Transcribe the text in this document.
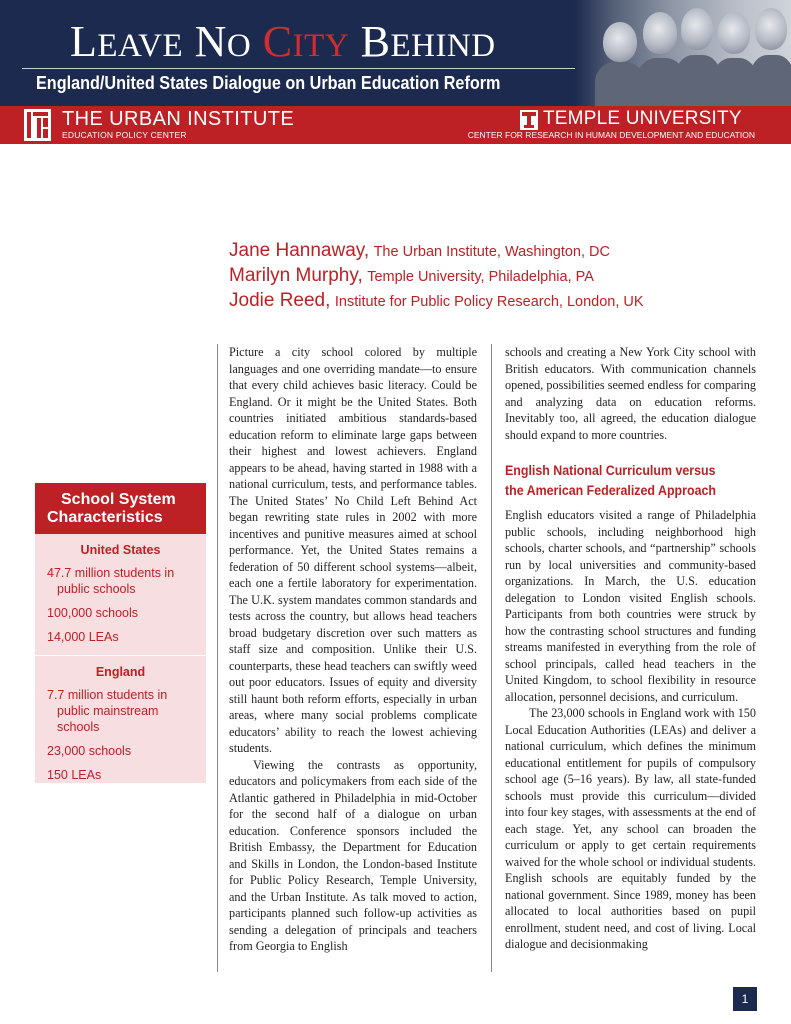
LEAVE NO CITY BEHIND
England/United States Dialogue on Urban Education Reform
THE URBAN INSTITUTE
EDUCATION POLICY CENTER
TEMPLE UNIVERSITY
CENTER FOR RESEARCH IN HUMAN DEVELOPMENT AND EDUCATION
Jane Hannaway, The Urban Institute, Washington, DC
Marilyn Murphy, Temple University, Philadelphia, PA
Jodie Reed, Institute for Public Policy Research, London, UK
School System
Characteristics
United States
47.7 million students in
public schools
100,000 schools
14,000 LEAs
England
7.7 million students in
public mainstream
schools
23,000 schools
150 LEAs

Picture a city school colored by multiple languages and one overriding mandate—to ensure that every child achieves basic literacy. Could be England. Or it might be the United States. Both countries initiated ambitious standards-based education reform to eliminate large gaps between their highest and lowest achievers. England appears to be ahead, having started in 1988 with a national curriculum, tests, and performance tables. The United States’ No Child Left Behind Act began rewriting state rules in 2002 with more incentives and punitive measures aimed at school performance. Yet, the United States remains a federation of 50 different school systems—albeit, each one a fertile laboratory for experimentation. The U.K. system mandates common standards and tests across the country, but allows head teachers broad budgetary discretion over such matters as staff size and composition. Unlike their U.S. counterparts, these head teachers can swiftly weed out poor educators. Issues of equity and diversity still haunt both reform efforts, especially in urban areas, where many social problems complicate educators’ ability to reach the lowest achieving students.

Viewing the contrasts as opportunity, educators and policymakers from each side of the Atlantic gathered in Philadelphia in mid-October for the second half of a dialogue on urban education. Conference sponsors included the British Embassy, the Department for Education and Skills in London, the London-based Institute for Public Policy Research, Temple University, and the Urban Institute. As talk moved to action, participants planned such follow-up activities as sending a delegation of principals and teachers from Georgia to English

schools and creating a New York City school with British educators. With communication channels opened, possibilities seemed endless for comparing and analyzing data on education reforms. Inevitably too, all agreed, the education dialogue should expand to more countries.

English National Curriculum versus
the American Federalized Approach

English educators visited a range of Philadelphia public schools, including neighborhood high schools, charter schools, and “partnership” schools run by local universities and community-based organizations. In March, the U.S. education delegation to London visited English schools. Participants from both countries were struck by how the contrasting school structures and funding streams manifested in everything from the role of school principals, called head teachers in the United Kingdom, to school flexibility in resource allocation, personnel decisions, and curriculum.

The 23,000 schools in England work with 150 Local Education Authorities (LEAs) and deliver a national curriculum, which defines the minimum educational entitlement for pupils of compulsory school age (5–16 years). By law, all state-funded schools must provide this curriculum—divided into four key stages, with assessments at the end of each stage. Yet, any school can broaden the curriculum or apply to get certain requirements waived for the whole school or individual students. English schools are equitably funded by the national government. Since 1989, money has been allocated to local authorities based on pupil enrollment, student need, and cost of living. Local dialogue and decisionmaking

1
